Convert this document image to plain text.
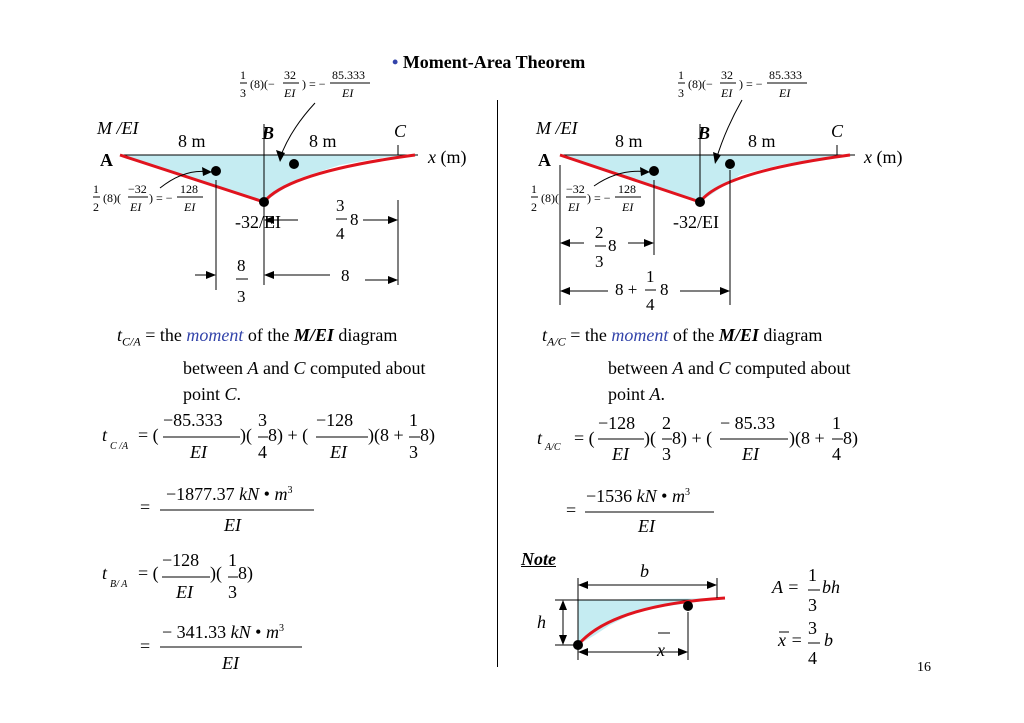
• Moment-Area Theorem
M /EI
A
B	C
8 m	8 m
x (m)
-32/EI
1
3
(8)(−
32
EI
) = −
85.333
EI
1
2
(8)(
−32
EI
) = −
128
EI	3
4
8
8
3
8
$t_{C/A}$ = the moment of the M/EI diagram
between A and C computed about
point C.
t
C /A
= (
−85.333
EI
)(
3
4
8) + (
−128
EI
)(8 +
1
3
8)
=
−1877.37 kN • $m^3$
EI
t
B/ A
= (
−128
EI
)(
1
3
8)
=
− 341.33 kN • $m^3$
EI
M /EI
A
B	C
8 m	8 m
x (m)
-32/EI
1
3
(8)(−
32
EI
) = −
85.333
EI
1
2
(8)(
−32
EI
) = −
128
EI
2
3
8
8 +
1
4
8
$t_{A/C}$ = the moment of the M/EI diagram
between A and C computed about
point A.
t A/C = (
−128
EI
)(
2
3
8) + (
− 85.33
EI
)(8 +
1
4
8)
=
−1536 kN • $m^3$
EI
Note
b
h
x
A =
1
3
bh
x =
3
4
b
16
